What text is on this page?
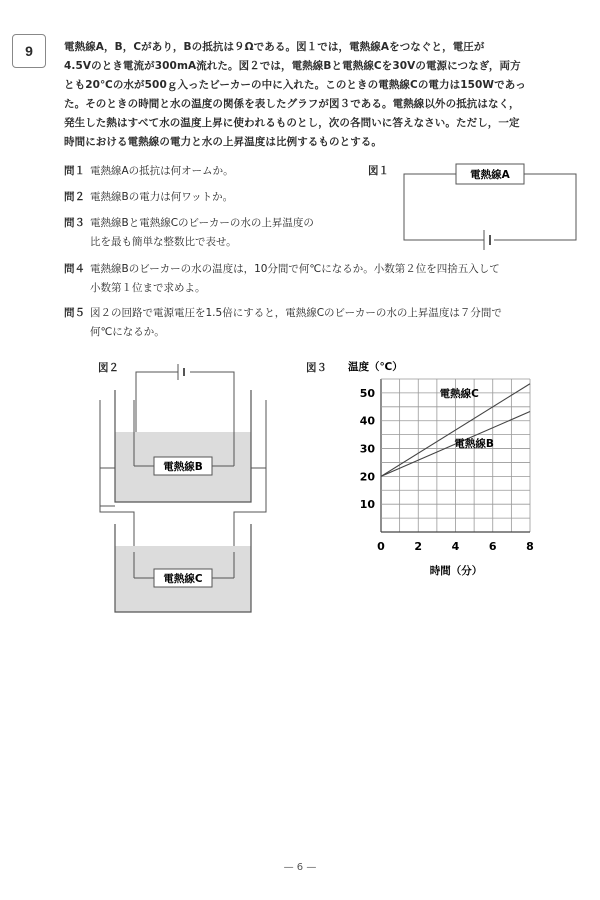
9	電熱線A，B，Cがあり，Bの抵抗は９Ωである。図１では，電熱線Aをつなぐと，電圧が

4.5Vのとき電流が300mA流れた。図２では，電熱線Bと電熱線Cを30Vの電源につなぎ，両方

とも20℃の水が500ｇ入ったビーカーの中に入れた。このときの電熱線Cの電力は150Wであっ

た。そのときの時間と水の温度の関係を表したグラフが図３である。電熱線以外の抵抗はなく，

発生した熱はすべて水の温度上昇に使われるものとし，次の各問いに答えなさい。ただし，一定

時間における電熱線の電力と水の上昇温度は比例するものとする。

問１ 電熱線Aの抵抗は何オームか。
問２ 電熱線Bの電力は何ワットか。
問３ 電熱線Bと電熱線Cのビーカーの水の上昇温度の
比を最も簡単な整数比で表せ。
問４ 電熱線Bのビーカーの水の温度は，10分間で何℃になるか。小数第２位を四捨五入して
小数第１位まで求めよ。
問５ 図２の回路で電源電圧を1.5倍にすると，電熱線Cのビーカーの水の上昇温度は７分間で
何℃になるか。
図１	電熱線A
図２
電熱線B
電熱線C
図３ 温度（℃）
10
20
30
40
50
0	2	4	6	8
電熱線C
電熱線B
時間（分）
— 6 —
